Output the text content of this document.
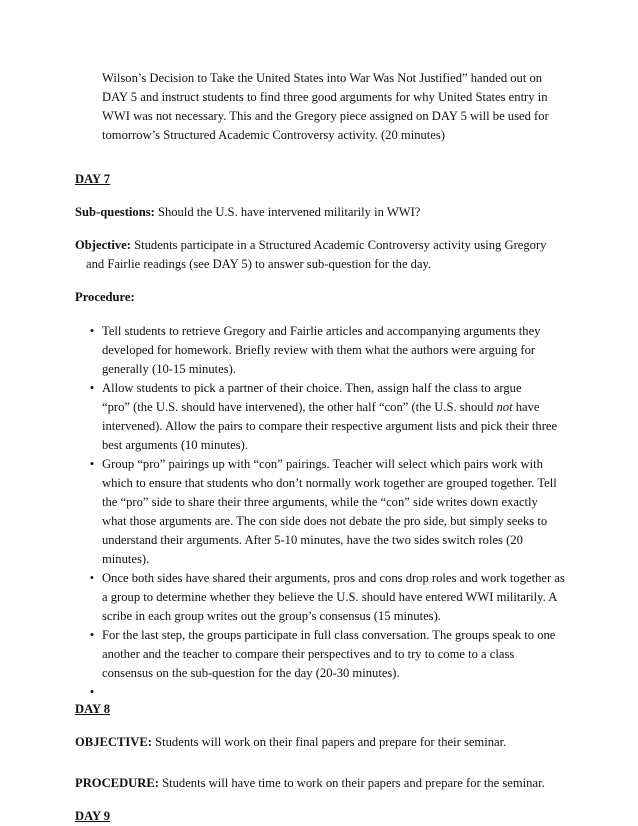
Wilson’s Decision to Take the United States into War Was Not Justified” handed out on
DAY 5 and instruct students to find three good arguments for why United States entry in
WWI was not necessary. This and the Gregory piece assigned on DAY 5 will be used for
tomorrow’s Structured Academic Controversy activity. (20 minutes)
DAY 7
Sub-questions: Should the U.S. have intervened militarily in WWI?
Objective: Students participate in a Structured Academic Controversy activity using Gregory
and Fairlie readings (see DAY 5) to answer sub-question for the day.
Procedure:
• Tell students to retrieve Gregory and Fairlie articles and accompanying arguments they
developed for homework. Briefly review with them what the authors were arguing for
generally (10-15 minutes).
• Allow students to pick a partner of their choice. Then, assign half the class to argue
“pro” (the U.S. should have intervened), the other half “con” (the U.S. should not have
intervened). Allow the pairs to compare their respective argument lists and pick their three
best arguments (10 minutes).
• Group “pro” pairings up with “con” pairings. Teacher will select which pairs work with
which to ensure that students who don’t normally work together are grouped together. Tell
the “pro” side to share their three arguments, while the “con” side writes down exactly
what those arguments are. The con side does not debate the pro side, but simply seeks to
understand their arguments. After 5-10 minutes, have the two sides switch roles (20
minutes).
• Once both sides have shared their arguments, pros and cons drop roles and work together as
a group to determine whether they believe the U.S. should have entered WWI militarily. A
scribe in each group writes out the group’s consensus (15 minutes).
• For the last step, the groups participate in full class conversation. The groups speak to one
another and the teacher to compare their perspectives and to try to come to a class
consensus on the sub-question for the day (20-30 minutes).
•
DAY 8
OBJECTIVE: Students will work on their final papers and prepare for their seminar.
PROCEDURE: Students will have time to work on their papers and prepare for the seminar.
DAY 9
